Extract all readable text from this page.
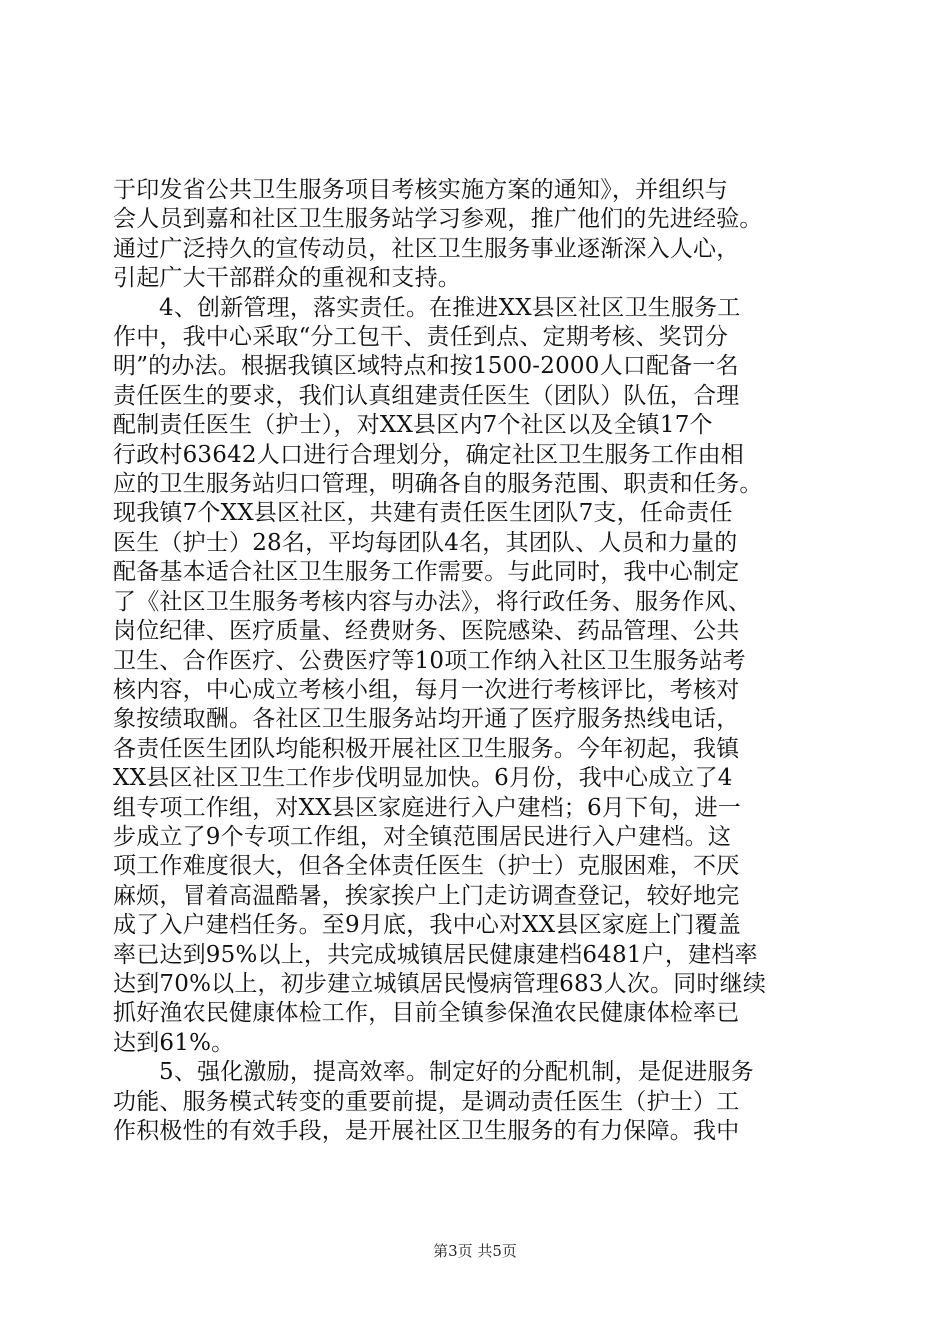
于印发省公共卫生服务项目考核实施方案的通知》，并组织与
会人员到嘉和社区卫生服务站学习参观，推广他们的先进经验。
通过广泛持久的宣传动员，社区卫生服务事业逐渐深入人心，
引起广大干部群众的重视和支持。
4、创新管理，落实责任。在推进XX县区社区卫生服务工
作中，我中心采取“分工包干、责任到点、定期考核、奖罚分
明”的办法。根据我镇区域特点和按1500-2000人口配备一名
责任医生的要求，我们认真组建责任医生（团队）队伍，合理
配制责任医生（护士），对XX县区内7个社区以及全镇17个
行政村63642人口进行合理划分，确定社区卫生服务工作由相
应的卫生服务站归口管理，明确各自的服务范围、职责和任务。
现我镇7个XX县区社区，共建有责任医生团队7支，任命责任
医生（护士）28名，平均每团队4名，其团队、人员和力量的
配备基本适合社区卫生服务工作需要。与此同时，我中心制定
了《社区卫生服务考核内容与办法》，将行政任务、服务作风、
岗位纪律、医疗质量、经费财务、医院感染、药品管理、公共
卫生、合作医疗、公费医疗等10项工作纳入社区卫生服务站考
核内容，中心成立考核小组，每月一次进行考核评比，考核对
象按绩取酬。各社区卫生服务站均开通了医疗服务热线电话，
各责任医生团队均能积极开展社区卫生服务。今年初起，我镇
XX县区社区卫生工作步伐明显加快。6月份，我中心成立了4
组专项工作组，对XX县区家庭进行入户建档；6月下旬，进一
步成立了9个专项工作组，对全镇范围居民进行入户建档。这
项工作难度很大，但各全体责任医生（护士）克服困难，不厌
麻烦，冒着高温酷暑，挨家挨户上门走访调查登记，较好地完
成了入户建档任务。至9月底，我中心对XX县区家庭上门覆盖
率已达到95%以上，共完成城镇居民健康建档6481户，建档率
达到70%以上，初步建立城镇居民慢病管理683人次。同时继续
抓好渔农民健康体检工作，目前全镇参保渔农民健康体检率已
达到61%。
5、强化激励，提高效率。制定好的分配机制，是促进服务
功能、服务模式转变的重要前提，是调动责任医生（护士）工
作积极性的有效手段，是开展社区卫生服务的有力保障。我中
第3页 共5页
